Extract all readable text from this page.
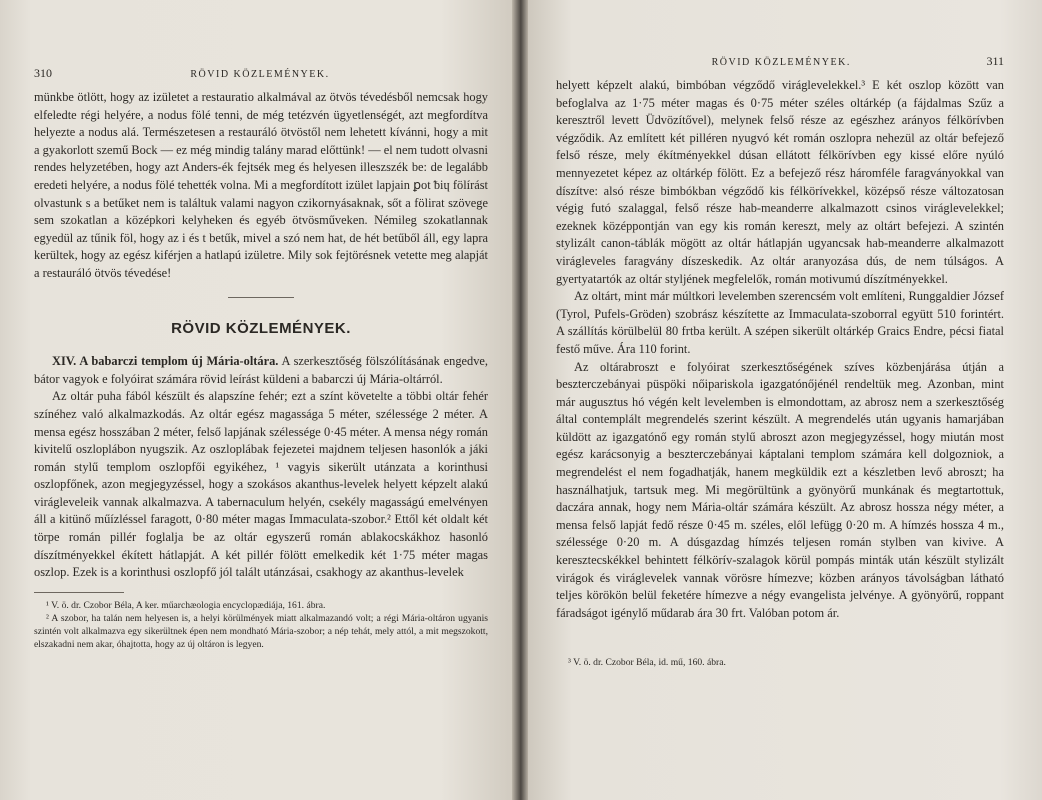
310	RÖVID KÖZLEMÉNYEK.

münkbe ötlött, hogy az izületet a restauratio alkalmával az ötvös tévedésből nemcsak hogy elfeledte régi helyére, a nodus fölé tenni, de még tetézvén ügyetlenségét, azt megfordítva helyezte a nodus alá. Természetesen a restauráló ötvöstől nem lehetett kívánni, hogy a mit a gyakorlott szemű Bock — ez még mindig talány marad előttünk! — el nem tudott olvasni rendes helyzetében, hogy azt Anders-ék fejtsék meg és helyesen illeszszék be: de legalább eredeti helyére, a nodus fölé tehették volna. Mi a megfordított izület lapjain ꝑot ᵬiɥ fölírást olvastunk s a betűket nem is találtuk valami nagyon czikornyásaknak, sőt a fölirat szövege sem szokatlan a középkori kelyheken és egyéb ötvösműveken. Némileg szokatlannak egyedül az tűnik föl, hogy az i és t betűk, mivel a szó nem hat, de hét betűből áll, egy lapra kerültek, hogy az egész kiférjen a hatlapú izületre. Mily sok fejtörésnek vetette meg alapját a restauráló ötvös tévedése!

RÖVID KÖZLEMÉNYEK.

XIV. A babarczi templom új Mária-oltára. A szerkesztőség fölszólításának engedve, bátor vagyok e folyóirat számára rövid leírást küldeni a babarczi új Mária-oltárról.

Az oltár puha fából készült és alapszíne fehér; ezt a színt követelte a többi oltár fehér színéhez való alkalmazkodás. Az oltár egész magassága 5 méter, szélessége 2 méter. A mensa egész hosszában 2 méter, felső lapjának szélessége 0·45 méter. A mensa négy román kivitelű oszloplábon nyugszik. Az oszloplábak fejezetei majdnem teljesen hasonlók a jáki román stylű templom oszlopfői egyikéhez, ¹ vagyis sikerült utánzata a korinthusi oszlopfőnek, azon megjegyzéssel, hogy a szokásos akanthus-levelek helyett képzelt alakú virágleveleik vannak alkalmazva. A tabernaculum helyén, csekély magasságú emelvényen áll a kitünő műízléssel faragott, 0·80 méter magas Immaculata-szobor.² Ettől két oldalt két törpe román pillér foglalja be az oltár egyszerű román ablakocskákhoz hasonló díszítményekkel ékített hátlapját. A két pillér fölött emelkedik két 1·75 méter magas oszlop. Ezek is a korinthusi oszlopfő jól talált utánzásai, csakhogy az akanthus-levelek

¹ V. ö. dr. Czobor Béla, A ker. műarchæologia encyclopædiája, 161. ábra.

² A szobor, ha talán nem helyesen is, a helyi körülmények miatt alkalmazandó volt; a régi Mária-oltáron ugyanis szintén volt alkalmazva egy sikerültnek épen nem mondható Mária-szobor; a nép tehát, mely attól, a mit megszokott, elszakadni nem akar, óhajtotta, hogy az új oltáron is legyen.

RÖVID KÖZLEMÉNYEK.	311

helyett képzelt alakú, bimbóban végződő viráglevelekkel.³ E két oszlop között van befoglalva az 1·75 méter magas és 0·75 méter széles oltárkép (a fájdalmas Szűz a keresztről levett Üdvözítővel), melynek felső része az egészhez arányos félkörívben végződik. Az említett két pilléren nyugvó két román oszlopra nehezül az oltár befejező felső része, mely ékítményekkel dúsan ellátott félkörívben egy kissé előre nyúló mennyezetet képez az oltárkép fölött. Ez a befejező rész háromféle faragványokkal van díszítve: alsó része bimbókban végződő kis félkörívekkel, középső része változatosan végig futó szalaggal, felső része hab-meanderre alkalmazott csinos viráglevelekkel; ezeknek középpontján van egy kis román kereszt, mely az oltárt befejezi. A szintén stylizált canon-táblák mögött az oltár hátlapján ugyancsak hab-meanderre alkalmazott virágleveles faragvány díszeskedik. Az oltár aranyozása dús, de nem túlságos. A gyertyatartók az oltár styljének megfelelők, román motivumú díszítményekkel.

Az oltárt, mint már múltkori levelemben szerencsém volt említeni, Runggaldier József (Tyrol, Pufels-Gröden) szobrász készítette az Immaculata-szoborral együtt 510 forintért. A szállítás körülbelül 80 frtba került. A szépen sikerült oltárkép Graics Endre, pécsi fiatal festő műve. Ára 110 forint.

Az oltárabroszt e folyóirat szerkesztőségének szíves közbenjárása útján a beszterczebányai püspöki nőipariskola igazgatónőjénél rendeltük meg. Azonban, mint már augusztus hó végén kelt levelemben is elmondottam, az abrosz nem a szerkesztőség által contemplált megrendelés szerint készült. A megrendelés után ugyanis hamarjában küldött az igazgatónő egy román stylű abroszt azon megjegyzéssel, hogy miután most egész karácsonyig a beszterczebányai káptalani templom számára kell dolgozniok, a megrendelést el nem fogadhatják, hanem megküldik ezt a készletben levő abroszt; ha használhatjuk, tartsuk meg. Mi megörültünk a gyönyörű munkának és megtartottuk, daczára annak, hogy nem Mária-oltár számára készült. Az abrosz hossza négy méter, a mensa felső lapját fedő része 0·45 m. széles, elől lefügg 0·20 m. A hímzés hossza 4 m., szélessége 0·20 m. A dúsgazdag hímzés teljesen román stylben van kivive. A keresztecskékkel behintett félkörív-szalagok körül pompás minták után készült stylizált virágok és viráglevelek vannak vörösre hímezve; közben arányos távolságban látható teljes körökön belül feketére hímezve a négy evangelista jelvénye. A gyönyörű, roppant fáradságot igénylő műdarab ára 30 frt. Valóban potom ár.

³ V. ö. dr. Czobor Béla, id. mű, 160. ábra.
